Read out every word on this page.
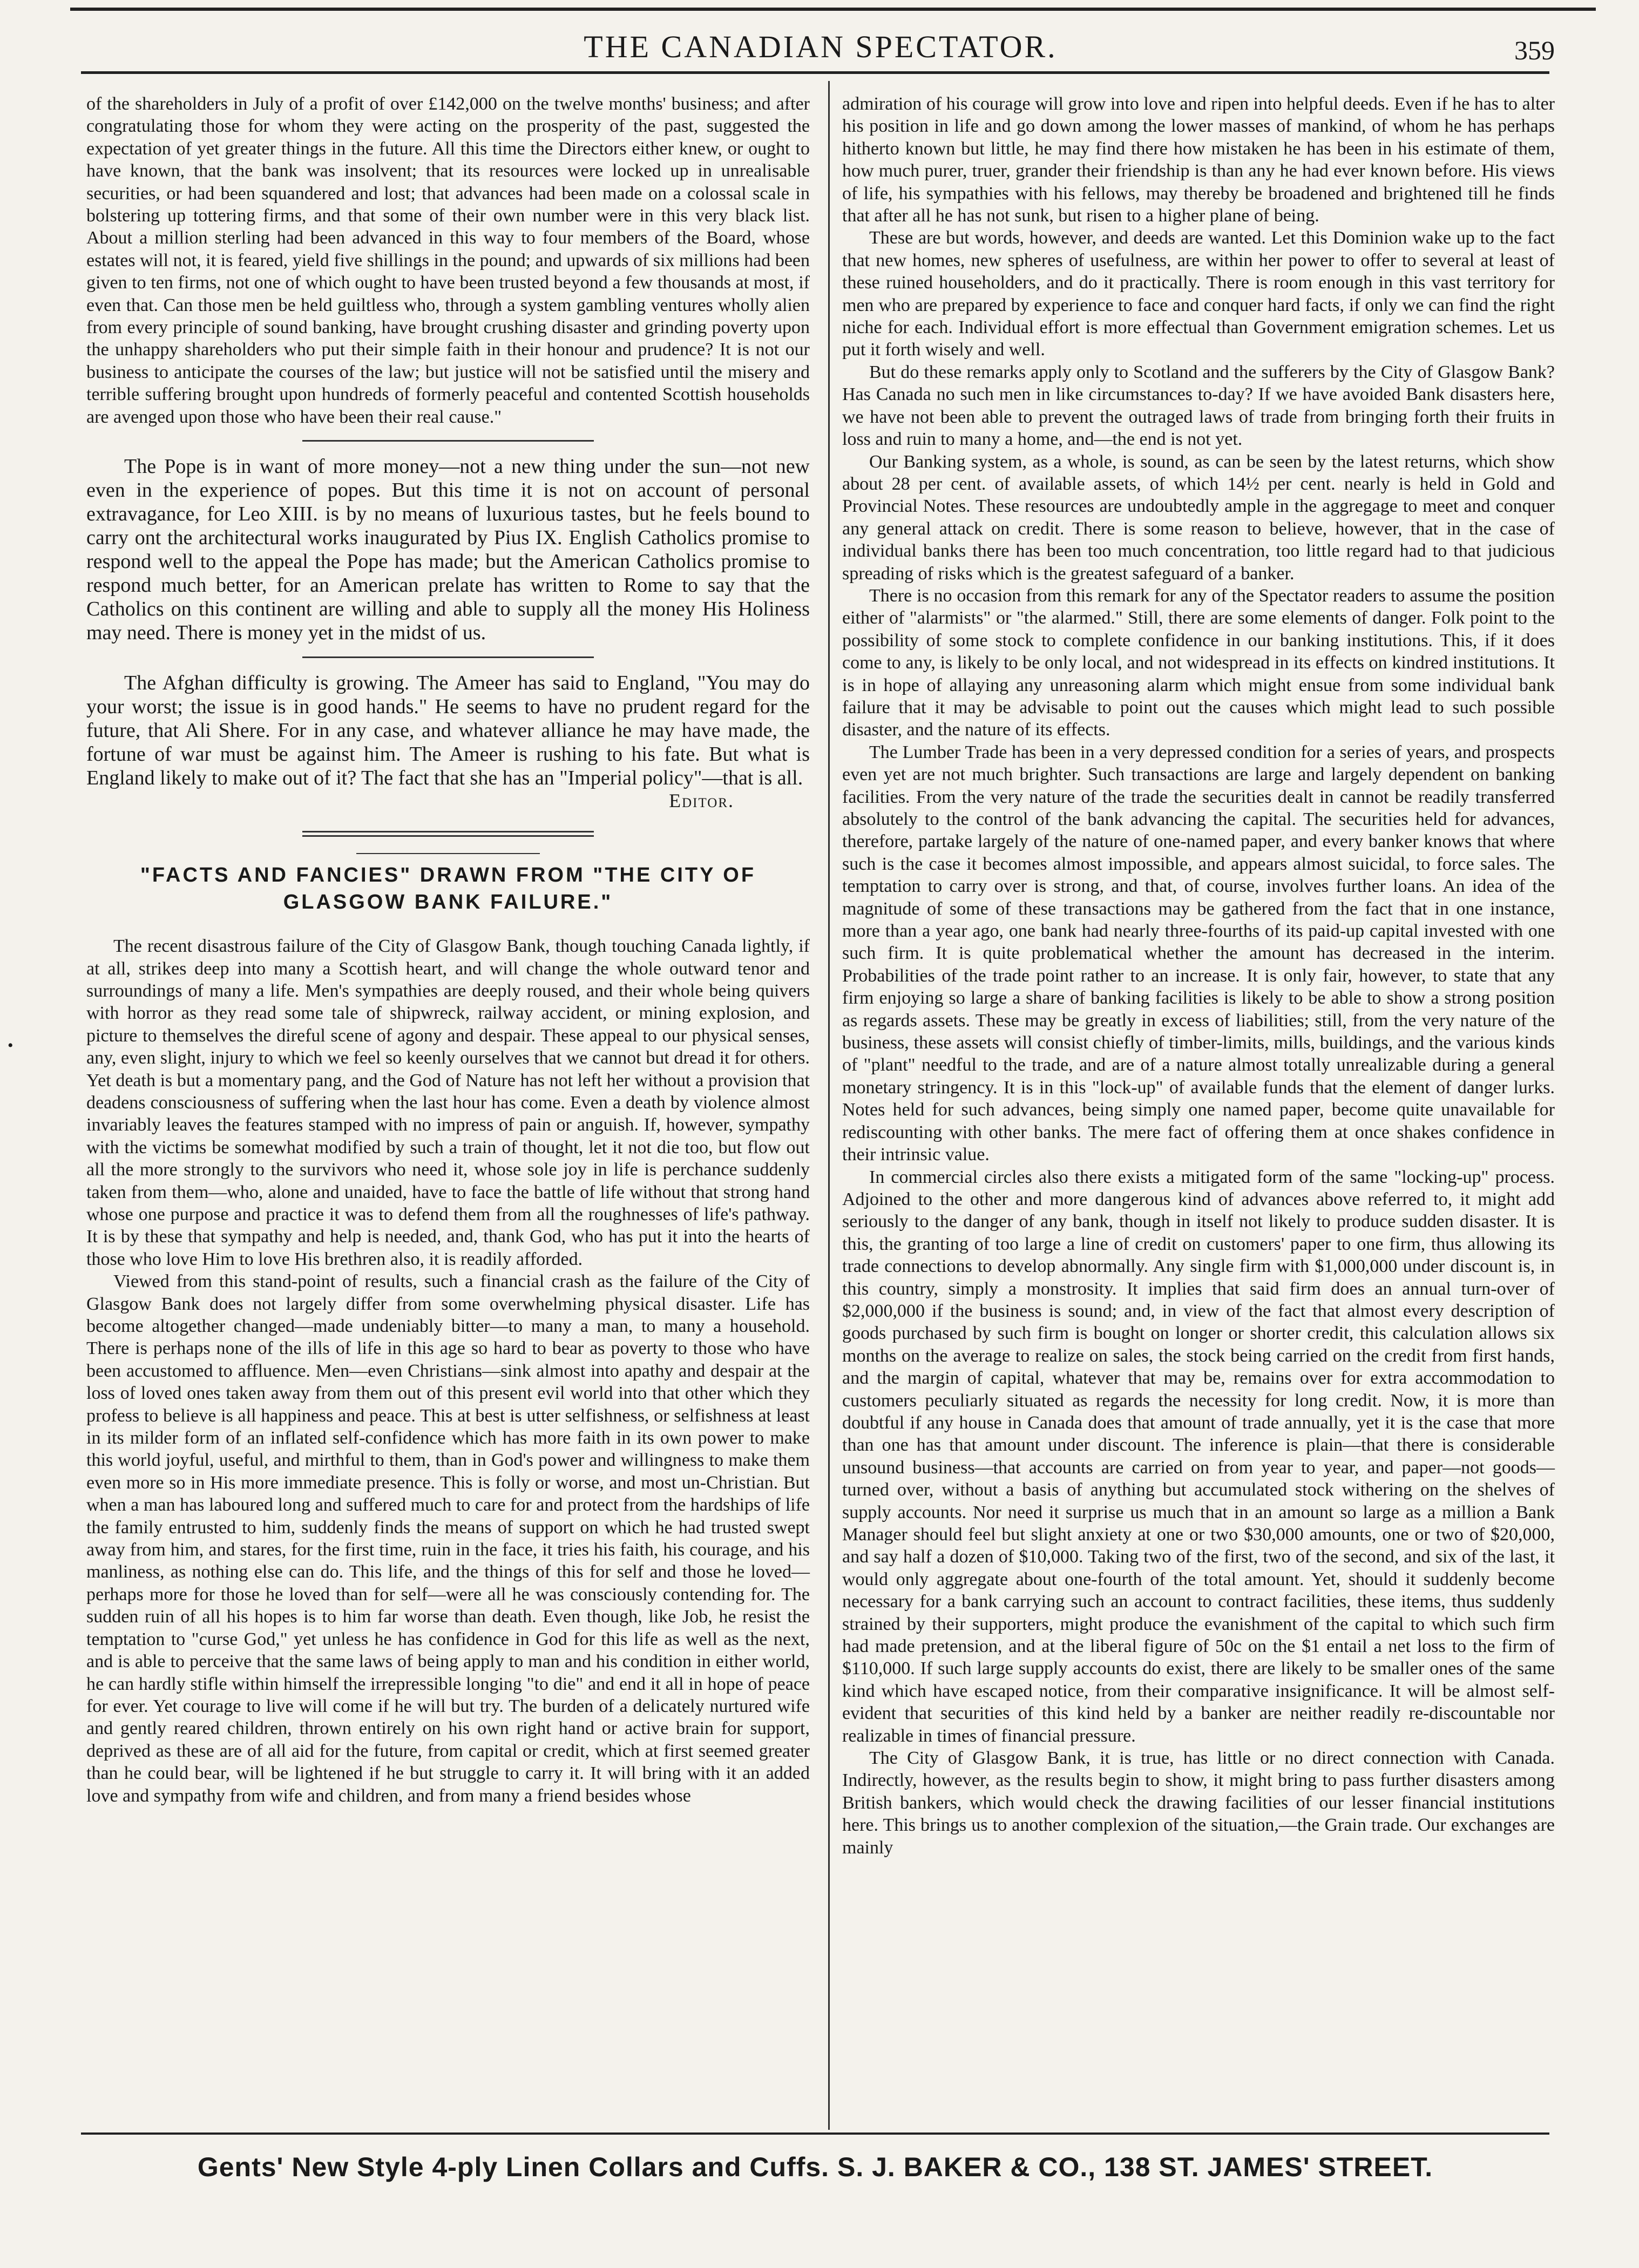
THE CANADIAN SPECTATOR.	359
•

of the shareholders in July of a profit of over £142,000 on the twelve months' business; and after congratulating those for whom they were acting on the prosperity of the past, suggested the expectation of yet greater things in the future. All this time the Directors either knew, or ought to have known, that the bank was insolvent; that its resources were locked up in unrealisable securities, or had been squandered and lost; that advances had been made on a colossal scale in bolstering up tottering firms, and that some of their own number were in this very black list. About a million sterling had been advanced in this way to four members of the Board, whose estates will not, it is feared, yield five shillings in the pound; and upwards of six millions had been given to ten firms, not one of which ought to have been trusted beyond a few thousands at most, if even that. Can those men be held guiltless who, through a system gambling ventures wholly alien from every principle of sound banking, have brought crushing disaster and grinding poverty upon the unhappy shareholders who put their simple faith in their honour and prudence? It is not our business to anticipate the courses of the law; but justice will not be satisfied until the misery and terrible suffering brought upon hundreds of formerly peaceful and contented Scottish households are avenged upon those who have been their real cause."

The Pope is in want of more money—not a new thing under the sun—not new even in the experience of popes. But this time it is not on account of personal extravagance, for Leo XIII. is by no means of luxurious tastes, but he feels bound to carry ont the architectural works inaugurated by Pius IX. English Catholics promise to respond well to the appeal the Pope has made; but the American Catholics promise to respond much better, for an American prelate has written to Rome to say that the Catholics on this continent are willing and able to supply all the money His Holiness may need. There is money yet in the midst of us.

The Afghan difficulty is growing. The Ameer has said to England, "You may do your worst; the issue is in good hands." He seems to have no prudent regard for the future, that Ali Shere. For in any case, and whatever alliance he may have made, the fortune of war must be against him. The Ameer is rushing to his fate. But what is England likely to make out of it? The fact that she has an "Imperial policy"—that is all.

Editor.
"FACTS AND FANCIES" DRAWN FROM "THE CITY OF GLASGOW BANK FAILURE."

The recent disastrous failure of the City of Glasgow Bank, though touching Canada lightly, if at all, strikes deep into many a Scottish heart, and will change the whole outward tenor and surroundings of many a life. Men's sympathies are deeply roused, and their whole being quivers with horror as they read some tale of shipwreck, railway accident, or mining explosion, and picture to themselves the direful scene of agony and despair. These appeal to our physical senses, any, even slight, injury to which we feel so keenly ourselves that we cannot but dread it for others. Yet death is but a momentary pang, and the God of Nature has not left her without a provision that deadens consciousness of suffering when the last hour has come. Even a death by violence almost invariably leaves the features stamped with no impress of pain or anguish. If, however, sympathy with the victims be somewhat modified by such a train of thought, let it not die too, but flow out all the more strongly to the survivors who need it, whose sole joy in life is perchance suddenly taken from them—who, alone and unaided, have to face the battle of life without that strong hand whose one purpose and practice it was to defend them from all the roughnesses of life's pathway. It is by these that sympathy and help is needed, and, thank God, who has put it into the hearts of those who love Him to love His brethren also, it is readily afforded.

Viewed from this stand-point of results, such a financial crash as the failure of the City of Glasgow Bank does not largely differ from some overwhelming physical disaster. Life has become altogether changed—made undeniably bitter—to many a man, to many a household. There is perhaps none of the ills of life in this age so hard to bear as poverty to those who have been accustomed to affluence. Men—even Christians—sink almost into apathy and despair at the loss of loved ones taken away from them out of this present evil world into that other which they profess to believe is all happiness and peace. This at best is utter selfishness, or selfishness at least in its milder form of an inflated self-confidence which has more faith in its own power to make this world joyful, useful, and mirthful to them, than in God's power and willingness to make them even more so in His more immediate presence. This is folly or worse, and most un-Christian. But when a man has laboured long and suffered much to care for and protect from the hardships of life the family entrusted to him, suddenly finds the means of support on which he had trusted swept away from him, and stares, for the first time, ruin in the face, it tries his faith, his courage, and his manliness, as nothing else can do. This life, and the things of this for self and those he loved—perhaps more for those he loved than for self—were all he was consciously contending for. The sudden ruin of all his hopes is to him far worse than death. Even though, like Job, he resist the temptation to "curse God," yet unless he has confidence in God for this life as well as the next, and is able to perceive that the same laws of being apply to man and his condition in either world, he can hardly stifle within himself the irrepressible longing "to die" and end it all in hope of peace for ever. Yet courage to live will come if he will but try. The burden of a delicately nurtured wife and gently reared children, thrown entirely on his own right hand or active brain for support, deprived as these are of all aid for the future, from capital or credit, which at first seemed greater than he could bear, will be lightened if he but struggle to carry it. It will bring with it an added love and sympathy from wife and children, and from many a friend besides whose

admiration of his courage will grow into love and ripen into helpful deeds. Even if he has to alter his position in life and go down among the lower masses of mankind, of whom he has perhaps hitherto known but little, he may find there how mistaken he has been in his estimate of them, how much purer, truer, grander their friendship is than any he had ever known before. His views of life, his sympathies with his fellows, may thereby be broadened and brightened till he finds that after all he has not sunk, but risen to a higher plane of being.

These are but words, however, and deeds are wanted. Let this Dominion wake up to the fact that new homes, new spheres of usefulness, are within her power to offer to several at least of these ruined householders, and do it practically. There is room enough in this vast territory for men who are prepared by experience to face and conquer hard facts, if only we can find the right niche for each. Individual effort is more effectual than Government emigration schemes. Let us put it forth wisely and well.

But do these remarks apply only to Scotland and the sufferers by the City of Glasgow Bank? Has Canada no such men in like circumstances to-day? If we have avoided Bank disasters here, we have not been able to prevent the outraged laws of trade from bringing forth their fruits in loss and ruin to many a home, and—the end is not yet.

Our Banking system, as a whole, is sound, as can be seen by the latest returns, which show about 28 per cent. of available assets, of which 14½ per cent. nearly is held in Gold and Provincial Notes. These resources are undoubtedly ample in the aggregage to meet and conquer any general attack on credit. There is some reason to believe, however, that in the case of individual banks there has been too much concentration, too little regard had to that judicious spreading of risks which is the greatest safeguard of a banker.

There is no occasion from this remark for any of the Spectator readers to assume the position either of "alarmists" or "the alarmed." Still, there are some elements of danger. Folk point to the possibility of some stock to complete confidence in our banking institutions. This, if it does come to any, is likely to be only local, and not widespread in its effects on kindred institutions. It is in hope of allaying any unreasoning alarm which might ensue from some individual bank failure that it may be advisable to point out the causes which might lead to such possible disaster, and the nature of its effects.

The Lumber Trade has been in a very depressed condition for a series of years, and prospects even yet are not much brighter. Such transactions are large and largely dependent on banking facilities. From the very nature of the trade the securities dealt in cannot be readily transferred absolutely to the control of the bank advancing the capital. The securities held for advances, therefore, partake largely of the nature of one-named paper, and every banker knows that where such is the case it becomes almost impossible, and appears almost suicidal, to force sales. The temptation to carry over is strong, and that, of course, involves further loans. An idea of the magnitude of some of these transactions may be gathered from the fact that in one instance, more than a year ago, one bank had nearly three-fourths of its paid-up capital invested with one such firm. It is quite problematical whether the amount has decreased in the interim. Probabilities of the trade point rather to an increase. It is only fair, however, to state that any firm enjoying so large a share of banking facilities is likely to be able to show a strong position as regards assets. These may be greatly in excess of liabilities; still, from the very nature of the business, these assets will consist chiefly of timber-limits, mills, buildings, and the various kinds of "plant" needful to the trade, and are of a nature almost totally unrealizable during a general monetary stringency. It is in this "lock-up" of available funds that the element of danger lurks. Notes held for such advances, being simply one named paper, become quite unavailable for rediscounting with other banks. The mere fact of offering them at once shakes confidence in their intrinsic value.

In commercial circles also there exists a mitigated form of the same "locking-up" process. Adjoined to the other and more dangerous kind of advances above referred to, it might add seriously to the danger of any bank, though in itself not likely to produce sudden disaster. It is this, the granting of too large a line of credit on customers' paper to one firm, thus allowing its trade connections to develop abnormally. Any single firm with $1,000,000 under discount is, in this country, simply a monstrosity. It implies that said firm does an annual turn-over of $2,000,000 if the business is sound; and, in view of the fact that almost every description of goods purchased by such firm is bought on longer or shorter credit, this calculation allows six months on the average to realize on sales, the stock being carried on the credit from first hands, and the margin of capital, whatever that may be, remains over for extra accommodation to customers peculiarly situated as regards the necessity for long credit. Now, it is more than doubtful if any house in Canada does that amount of trade annually, yet it is the case that more than one has that amount under discount. The inference is plain—that there is considerable unsound business—that accounts are carried on from year to year, and paper—not goods—turned over, without a basis of anything but accumulated stock withering on the shelves of supply accounts. Nor need it surprise us much that in an amount so large as a million a Bank Manager should feel but slight anxiety at one or two $30,000 amounts, one or two of $20,000, and say half a dozen of $10,000. Taking two of the first, two of the second, and six of the last, it would only aggregate about one-fourth of the total amount. Yet, should it suddenly become necessary for a bank carrying such an account to contract facilities, these items, thus suddenly strained by their supporters, might produce the evanishment of the capital to which such firm had made pretension, and at the liberal figure of 50c on the $1 entail a net loss to the firm of $110,000. If such large supply accounts do exist, there are likely to be smaller ones of the same kind which have escaped notice, from their comparative insignificance. It will be almost self-evident that securities of this kind held by a banker are neither readily re-discountable nor realizable in times of financial pressure.

The City of Glasgow Bank, it is true, has little or no direct connection with Canada. Indirectly, however, as the results begin to show, it might bring to pass further disasters among British bankers, which would check the drawing facilities of our lesser financial institutions here. This brings us to another complexion of the situation,—the Grain trade. Our exchanges are mainly

Gents' New Style 4-ply Linen Collars and Cuffs. S. J. BAKER & CO., 138 ST. JAMES' STREET.
